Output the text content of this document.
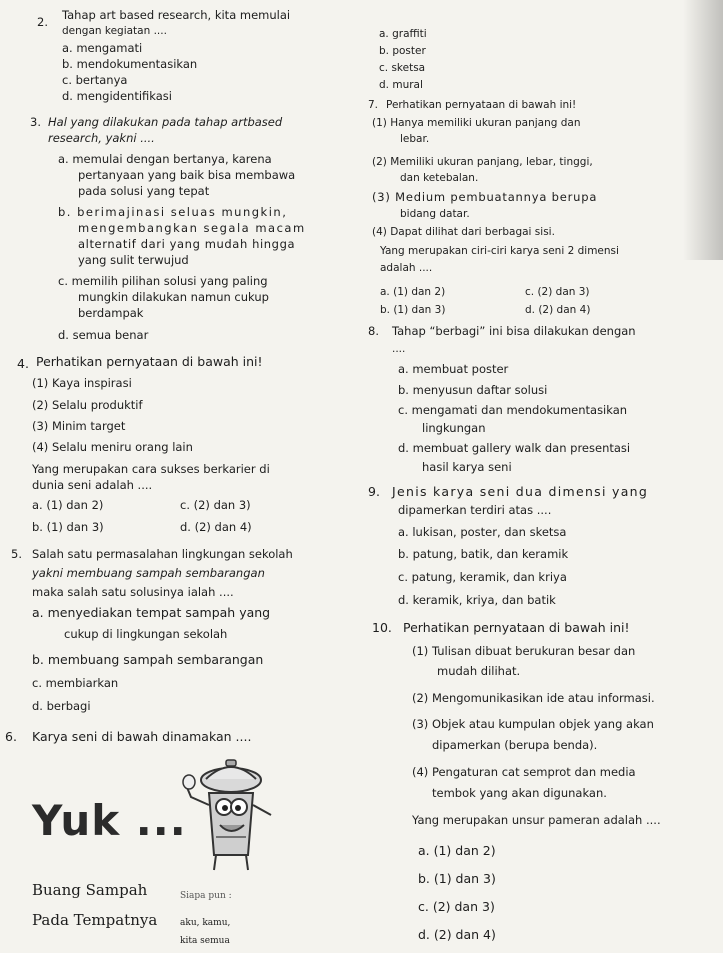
2. Tahap art based research, kita memulai
dengan kegiatan ....
a. mengamati
b. mendokumentasikan
c. bertanya
d. mengidentifikasi
3. Hal yang dilakukan pada tahap artbased
research, yakni ....
a. memulai dengan bertanya, karena
pertanyaan yang baik bisa membawa
pada solusi yang tepat
b. berimajinasi seluas mungkin,
mengembangkan segala macam
alternatif dari yang mudah hingga
yang sulit terwujud
c. memilih pilihan solusi yang paling
mungkin dilakukan namun cukup
berdampak
d. semua benar
4. Perhatikan pernyataan di bawah ini!
(1) Kaya inspirasi
(2) Selalu produktif
(3) Minim target
(4) Selalu meniru orang lain
Yang merupakan cara sukses berkarier di
dunia seni adalah ....
a. (1) dan 2)
b. (1) dan 3)
c. (2) dan 3)
d. (2) dan 4)
5. Salah satu permasalahan lingkungan sekolah
yakni membuang sampah sembarangan
maka salah satu solusinya ialah ....
a. menyediakan tempat sampah yang
cukup di lingkungan sekolah
b. membuang sampah sembarangan
c. membiarkan
d. berbagi
6. Karya seni di bawah dinamakan ....
Yuk ...
Buang Sampah
Pada Tempatnya
Siapa pun :
aku, kamu,
kita semua
a. graffiti
b. poster
c. sketsa
d. mural
7. Perhatikan pernyataan di bawah ini!
(1) Hanya memiliki ukuran panjang dan
lebar.
(2) Memiliki ukuran panjang, lebar, tinggi,
dan ketebalan.
(3) Medium pembuatannya berupa
bidang datar.
(4) Dapat dilihat dari berbagai sisi.
Yang merupakan ciri-ciri karya seni 2 dimensi
adalah ....
a. (1) dan 2)
b. (1) dan 3)
c. (2) dan 3)
d. (2) dan 4)
8. Tahap “berbagi” ini bisa dilakukan dengan
....
a. membuat poster
b. menyusun daftar solusi
c. mengamati dan mendokumentasikan
lingkungan
d. membuat gallery walk dan presentasi
hasil karya seni
9. Jenis karya seni dua dimensi yang
dipamerkan terdiri atas ....
a. lukisan, poster, dan sketsa
b. patung, batik, dan keramik
c. patung, keramik, dan kriya
d. keramik, kriya, dan batik
10. Perhatikan pernyataan di bawah ini!
(1) Tulisan dibuat berukuran besar dan
mudah dilihat.
(2) Mengomunikasikan ide atau informasi.
(3) Objek atau kumpulan objek yang akan
dipamerkan (berupa benda).
(4) Pengaturan cat semprot dan media
tembok yang akan digunakan.
Yang merupakan unsur pameran adalah ....
a. (1) dan 2)
b. (1) dan 3)
c. (2) dan 3)
d. (2) dan 4)
